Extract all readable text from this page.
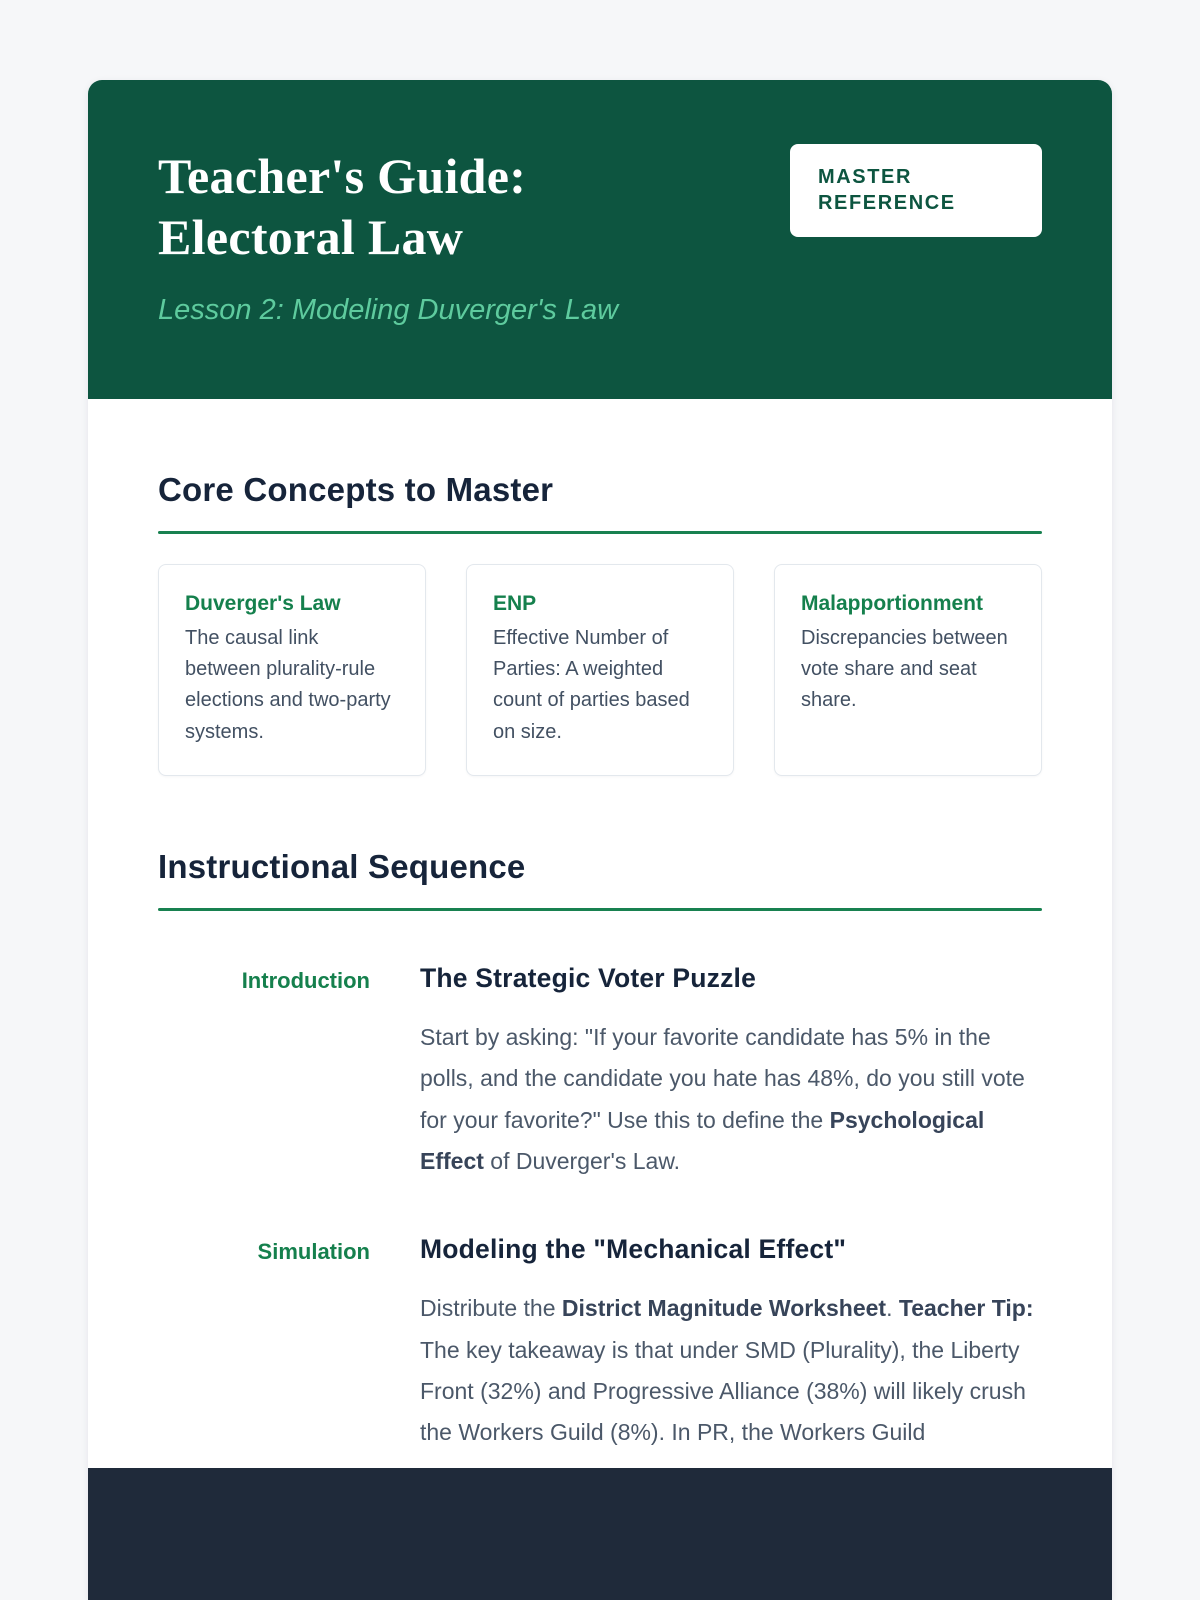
MASTER REFERENCE
Teacher's Guide:
Electoral Law

Lesson 2: Modeling Duverger's Law

Core Concepts to Master
Duverger's Law
The causal link between plurality-rule elections and two-party systems.
ENP
Effective Number of Parties: A weighted count of parties based on size.
Malapportionment
Discrepancies between vote share and seat share.
Instructional Sequence
Introduction The Strategic Voter Puzzle

Start by asking: "If your favorite candidate has 5% in the polls, and the candidate you hate has 48%, do you still vote for your favorite?" Use this to define the Psychological Effect of Duverger's Law.

Simulation Modeling the "Mechanical Effect"

Distribute the District Magnitude Worksheet. Teacher Tip: The key takeaway is that under SMD (Plurality), the Liberty Front (32%) and Progressive Alliance (38%) will likely crush the Workers Guild (8%). In PR, the Workers Guild
